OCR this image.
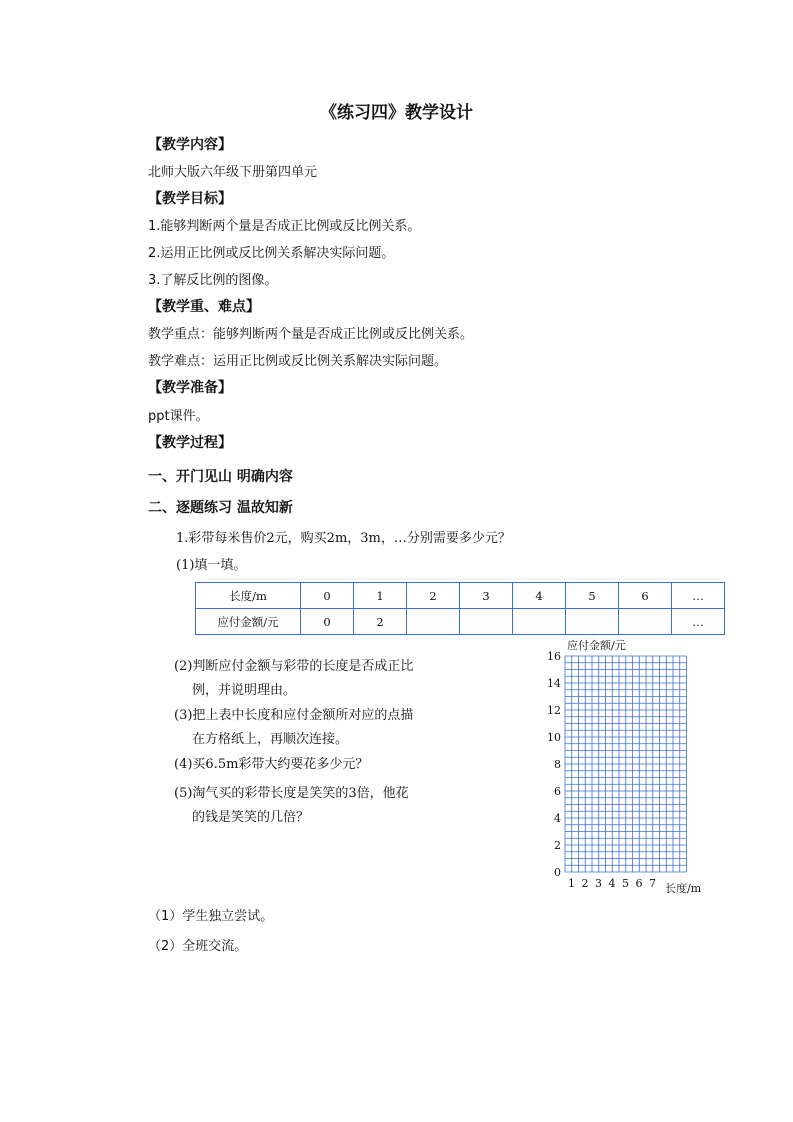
《练习四》教学设计
【教学内容】
北师大版六年级下册第四单元
【教学目标】
1.能够判断两个量是否成正比例或反比例关系。
2.运用正比例或反比例关系解决实际问题。
3.了解反比例的图像。
【教学重、难点】
教学重点：能够判断两个量是否成正比例或反比例关系。
教学难点：运用正比例或反比例关系解决实际问题。
【教学准备】
ppt课件。
【教学过程】
一、开门见山 明确内容
二、逐题练习 温故知新
1.彩带每米售价2元，购买2m，3m，…分别需要多少元？
(1)填一填。
长度/m	0	1	2	3	4	5	6	…
应付金额/元	0	2						…
(2)判断应付金额与彩带的长度是否成正比
例，并说明理由。
(3)把上表中长度和应付金额所对应的点描
在方格纸上，再顺次连接。
(4)买6.5m彩带大约要花多少元？
(5)淘气买的彩带长度是笑笑的3倍，他花
的钱是笑笑的几倍？
应付金额/元
16
14
12
10
8
6
4
2
0
1 2 3 4 5 6 7 长度/m
（1）学生独立尝试。
（2）全班交流。
